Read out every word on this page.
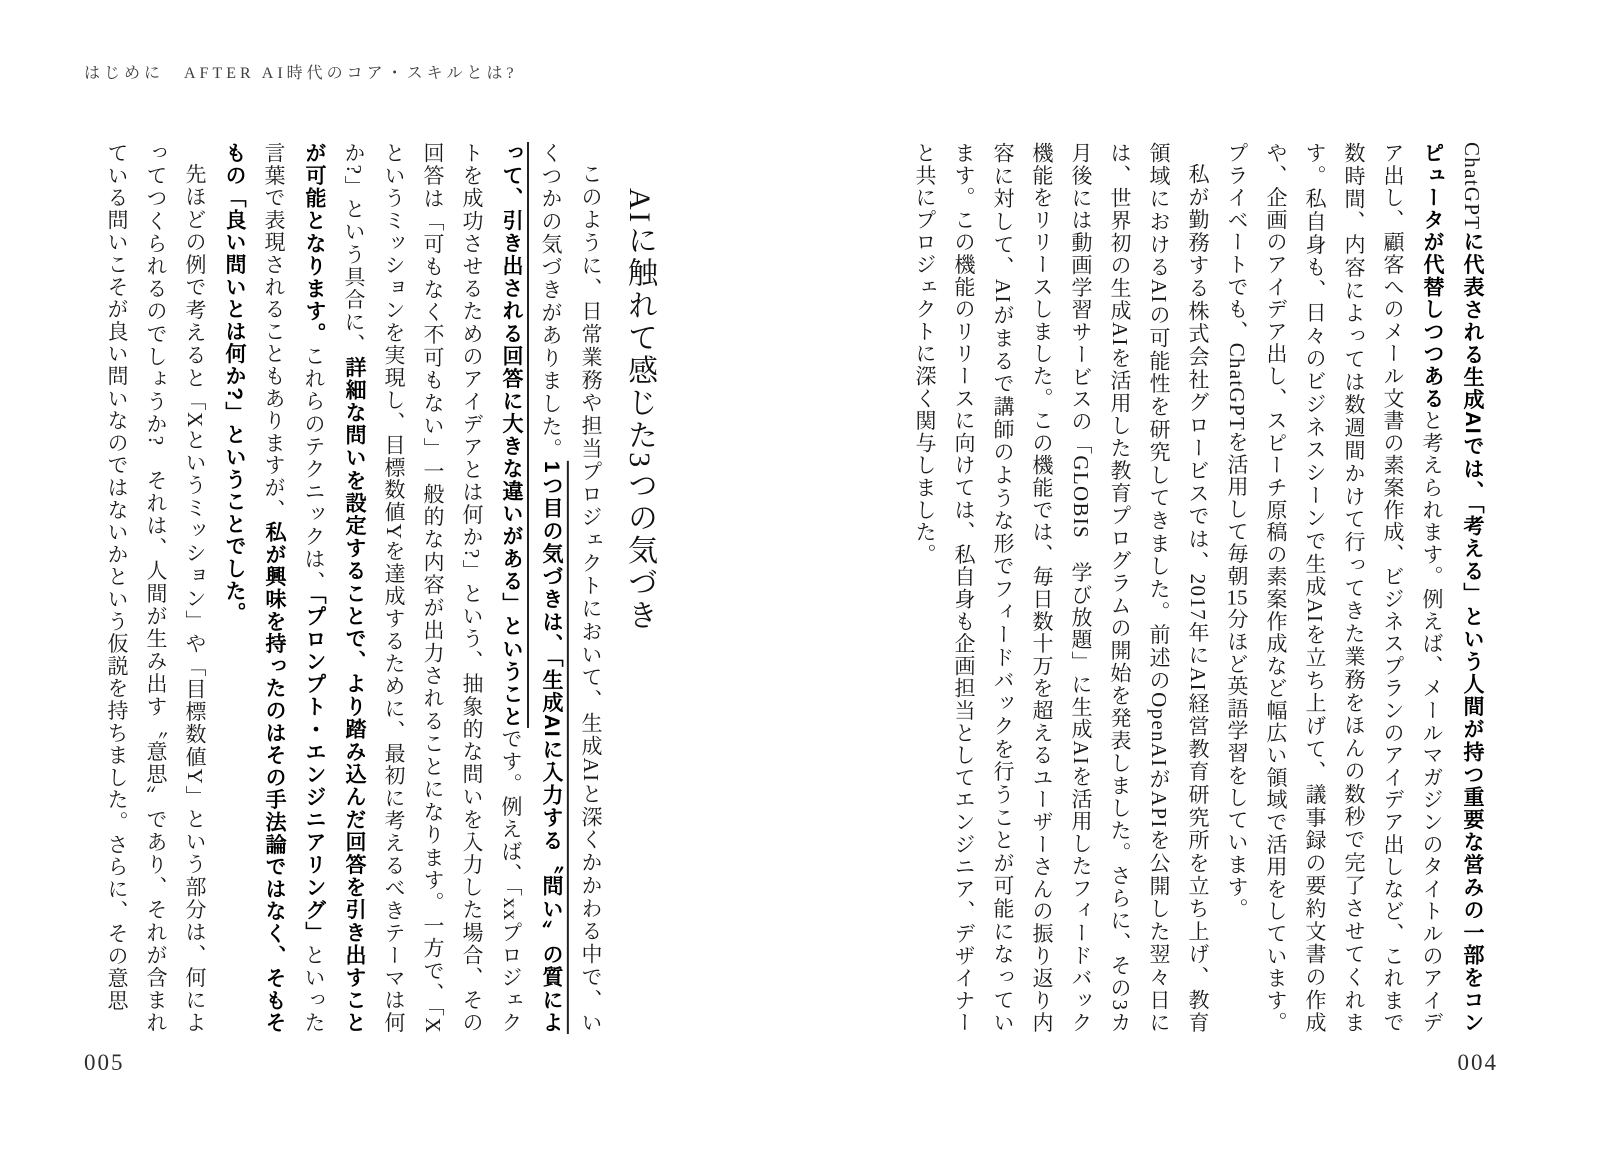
はじめに　AFTER AI時代のコア・スキルとは?

ChatGPTに代表される生成AIでは、「考える」という人間が持つ重要な営みの一部をコンピュータが代替しつつあると考えられます。例えば、メールマガジンのタイトルのアイデア出し、顧客へのメール文書の素案作成、ビジネスプランのアイデア出しなど、これまで数時間、内容によっては数週間かけて行ってきた業務をほんの数秒で完了させてくれます。私自身も、日々のビジネスシーンで生成AIを立ち上げて、議事録の要約文書の作成や、企画のアイデア出し、スピーチ原稿の素案作成など幅広い領域で活用をしています。プライベートでも、ChatGPTを活用して毎朝15分ほど英語学習をしています。

私が勤務する株式会社グロービスでは、2017年にAI経営教育研究所を立ち上げ、教育領域におけるAIの可能性を研究してきました。前述のOpenAIがAPIを公開した翌々日には、世界初の生成AIを活用した教育プログラムの開始を発表しました。さらに、その3カ月後には動画学習サービスの「GLOBIS　学び放題」に生成AIを活用したフィードバック機能をリリースしました。この機能では、毎日数十万を超えるユーザーさんの振り返り内容に対して、AIがまるで講師のような形でフィードバックを行うことが可能になっています。この機能のリリースに向けては、私自身も企画担当としてエンジニア、デザイナーと共にプロジェクトに深く関与しました。

AIに触れて感じた3つの気づき

このように、日常業務や担当プロジェクトにおいて、生成AIと深くかかわる中で、いくつかの気づきがありました。1つ目の気づきは、「生成AIに入力する〝問い〟の質によって、引き出される回答に大きな違いがある」ということです。例えば、「xxプロジェクトを成功させるためのアイデアとは何か?」という、抽象的な問いを入力した場合、その回答は「可もなく不可もない」一般的な内容が出力されることになります。一方で、「Xというミッションを実現し、目標数値Yを達成するために、最初に考えるべきテーマは何か?」という具合に、詳細な問いを設定することで、より踏み込んだ回答を引き出すことが可能となります。これらのテクニックは、「プロンプト・エンジニアリング」といった言葉で表現されることもありますが、私が興味を持ったのはその手法論ではなく、そもそもの「良い問いとは何か?」ということでした。

先ほどの例で考えると「Xというミッション」や「目標数値Y」という部分は、何によってつくられるのでしょうか?　それは、人間が生み出す〝意思〟であり、それが含まれている問いこそが良い問いなのではないかという仮説を持ちました。さらに、その意思

005	004
